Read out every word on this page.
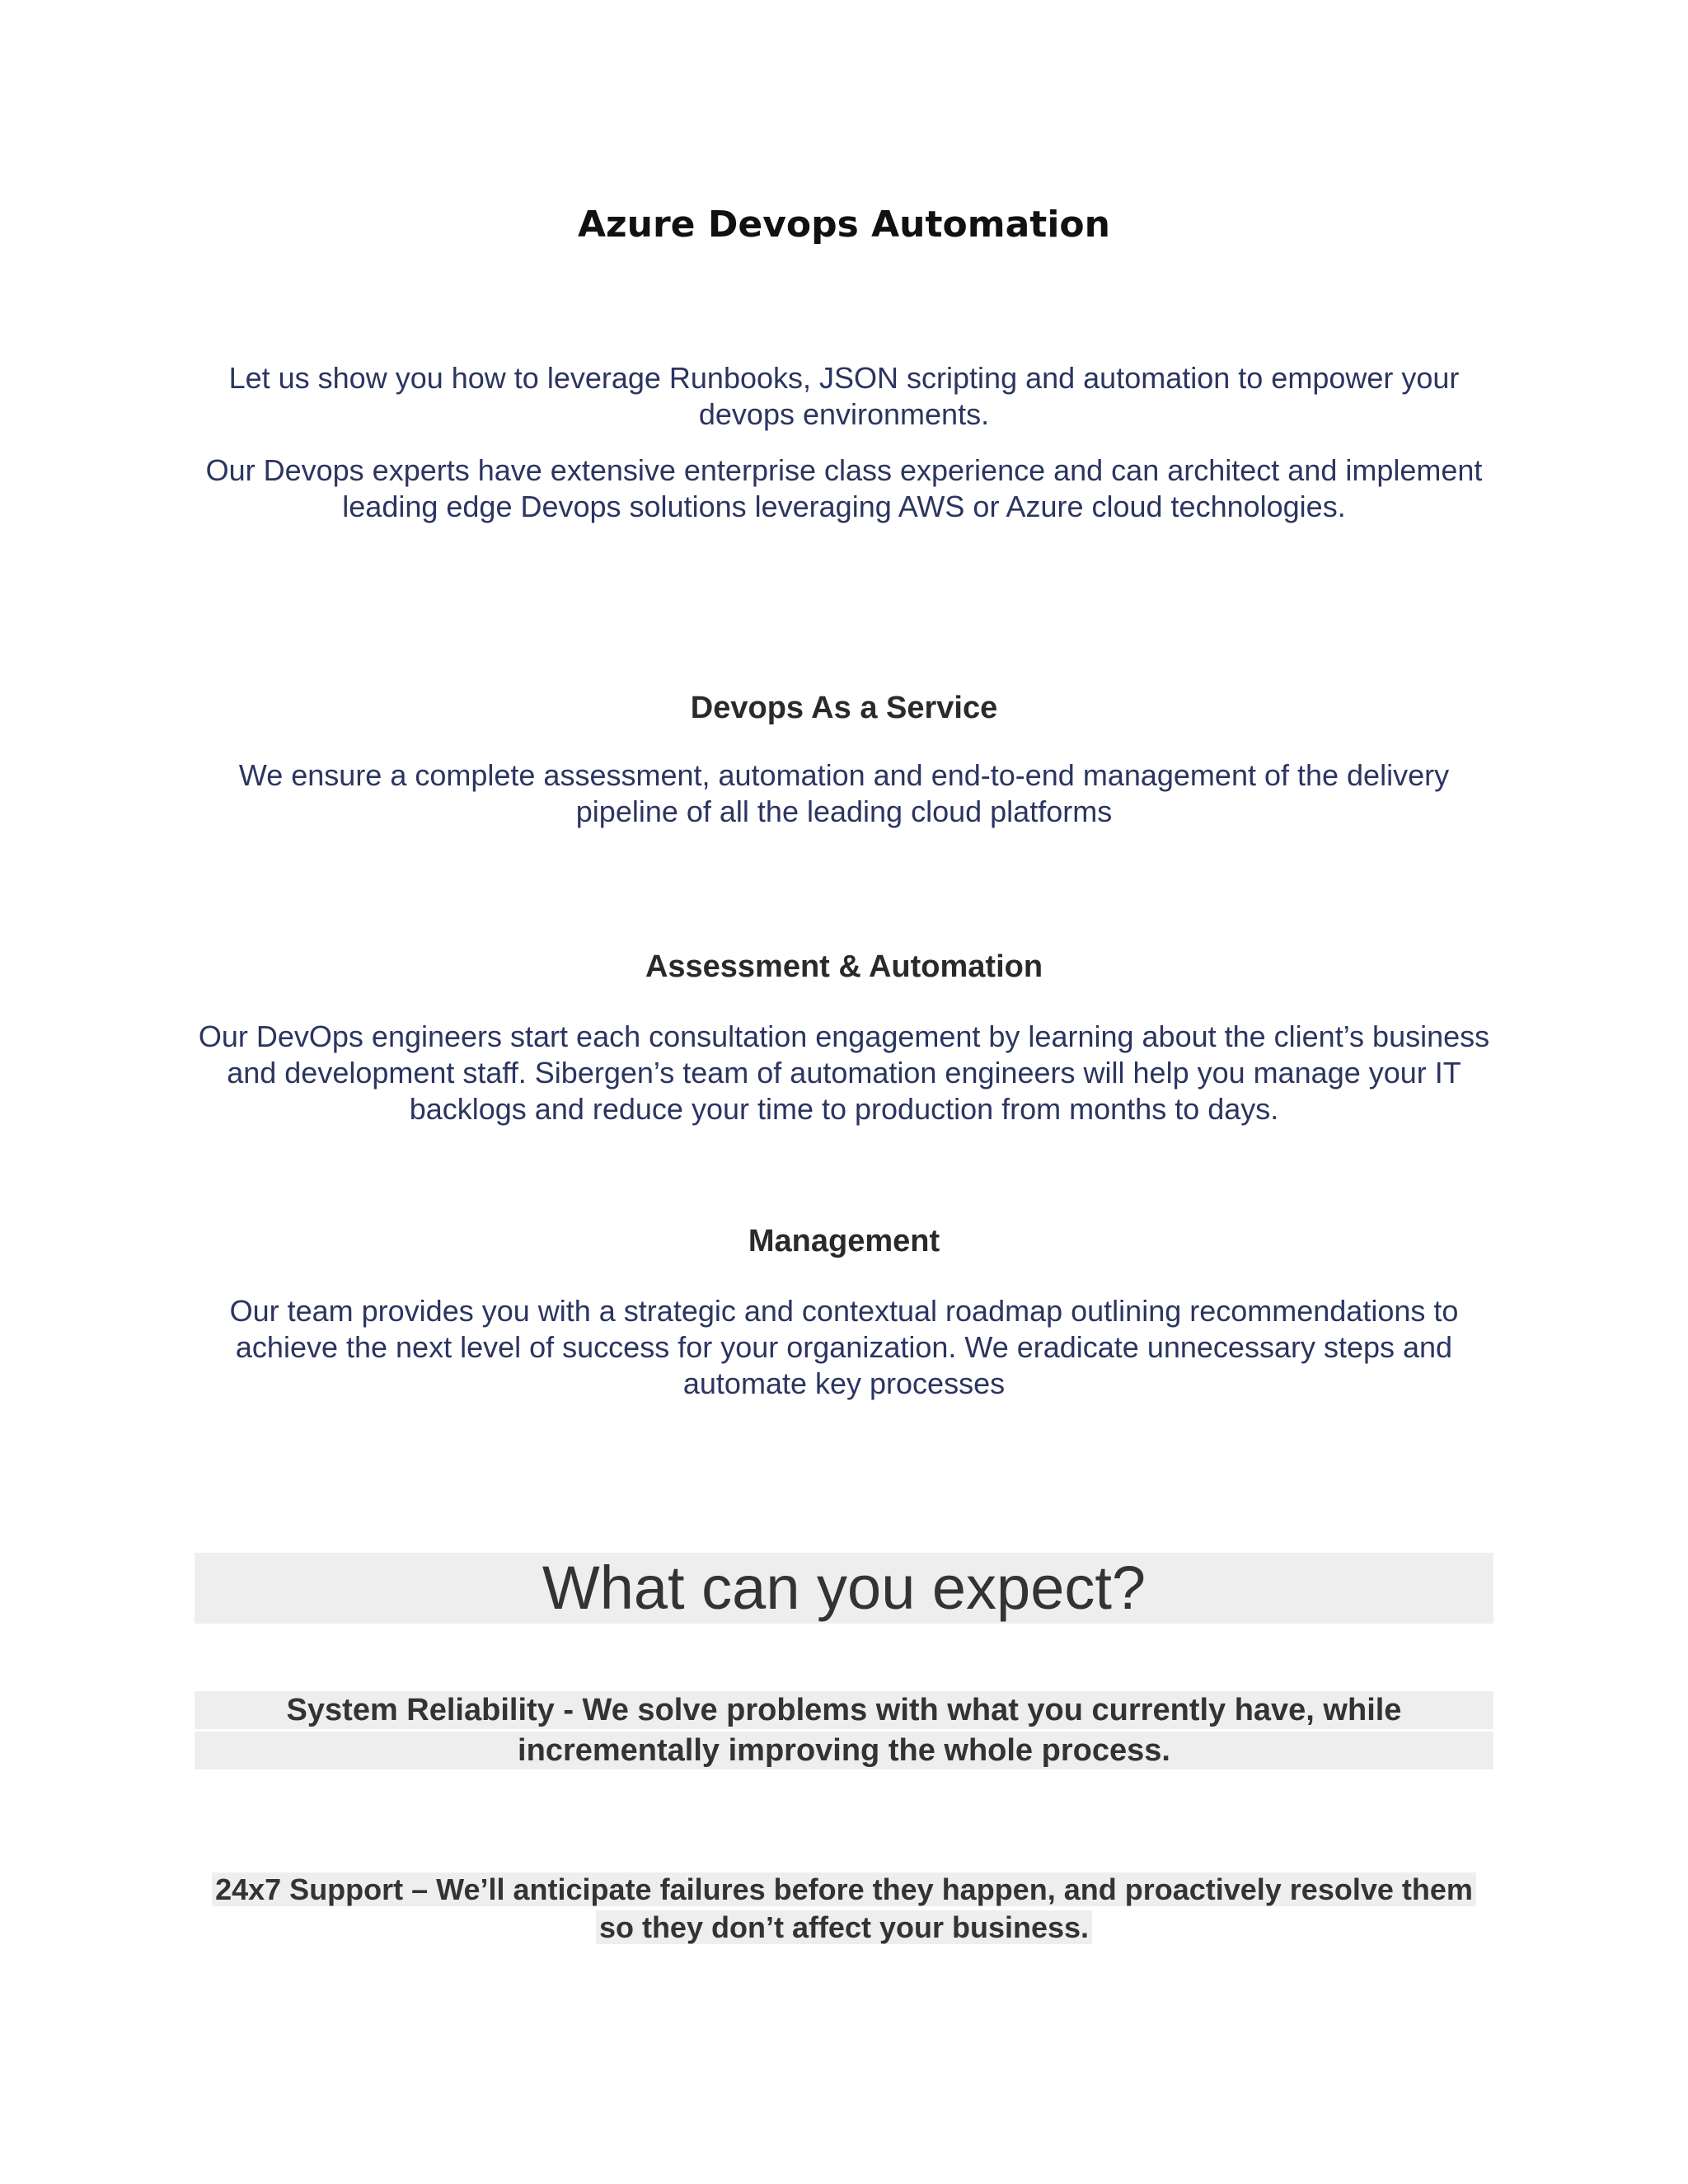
Azure Devops Automation
Let us show you how to leverage Runbooks, JSON scripting and automation to empower your devops environments.
Our Devops experts have extensive enterprise class experience and can architect and implement leading edge Devops solutions leveraging AWS or Azure cloud technologies.
Devops As a Service
We ensure a complete assessment, automation and end-to-end management of the delivery pipeline of all the leading cloud platforms
Assessment & Automation
Our DevOps engineers start each consultation engagement by learning about the client’s business and development staff. Sibergen’s team of automation engineers will help you manage your IT backlogs and reduce your time to production from months to days.
Management
Our team provides you with a strategic and contextual roadmap outlining recommendations to achieve the next level of success for your organization. We eradicate unnecessary steps and automate key processes
What can you expect?
System Reliability - We solve problems with what you currently have, while
incrementally improving the whole process.
24x7 Support – We’ll anticipate failures before they happen, and proactively resolve them
so they don’t affect your business.
